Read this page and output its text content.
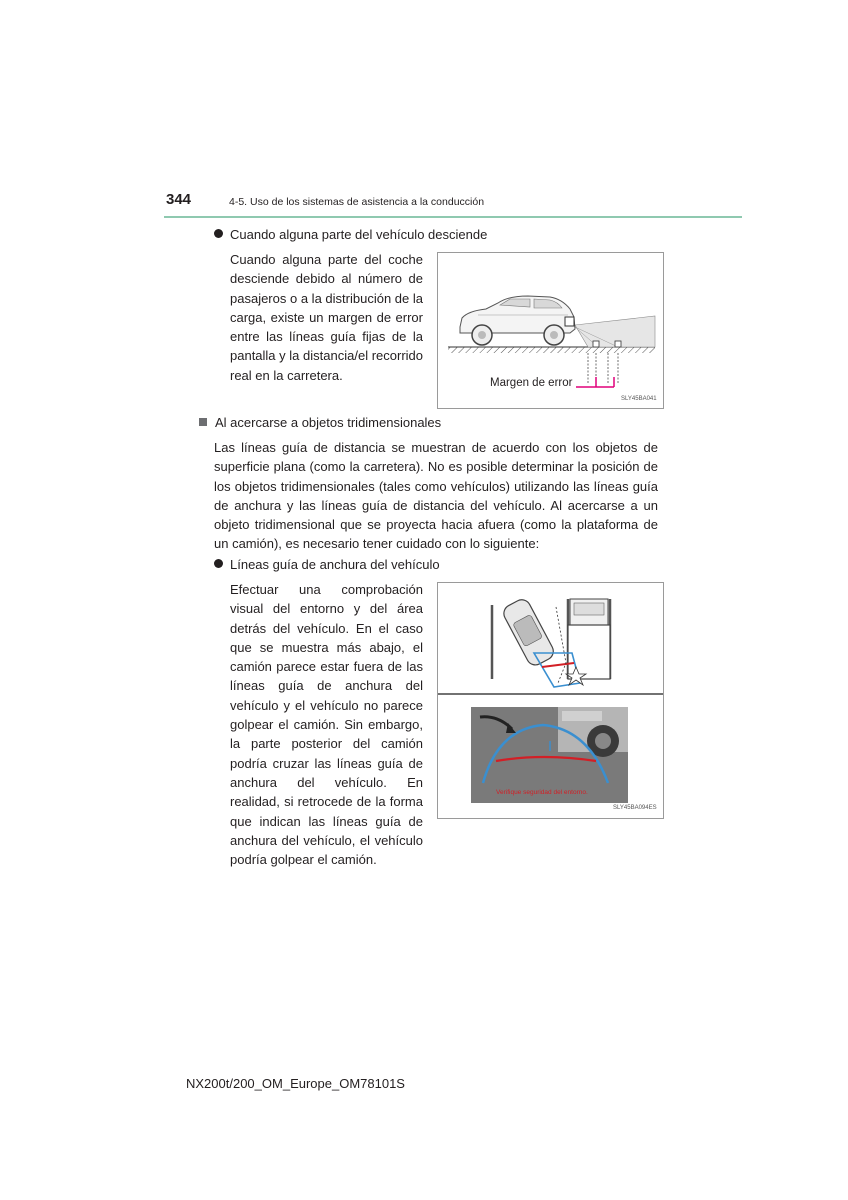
344	4-5. Uso de los sistemas de asistencia a la conducción
Cuando alguna parte del vehículo desciende
Cuando alguna parte del coche desciende debido al número de pasajeros o a la distribución de la carga, existe un margen de error entre las líneas guía fijas de la pantalla y la distancia/el recorrido real en la carretera.
Margen de error
SLY45BA041
Al acercarse a objetos tridimensionales
Las líneas guía de distancia se muestran de acuerdo con los objetos de superficie plana (como la carretera). No es posible determinar la posición de los objetos tridimensionales (tales como vehículos) utilizando las líneas guía de anchura y las líneas guía de distancia del vehículo. Al acercarse a un objeto tridimensional que se proyecta hacia afuera (como la plataforma de un camión), es necesario tener cuidado con lo siguiente:
Líneas guía de anchura del vehículo
Efectuar una comprobación visual del entorno y del área detrás del vehículo. En el caso que se muestra más abajo, el camión parece estar fuera de las líneas guía de anchura del vehículo y el vehículo no parece golpear el camión. Sin embargo, la parte posterior del camión podría cruzar las líneas guía de anchura del vehículo. En realidad, si retrocede de la forma que indican las líneas guía de anchura del vehículo, el vehículo podría golpear el camión.
Verifique seguridad del entorno.
SLY45BA094ES
NX200t/200_OM_Europe_OM78101S
